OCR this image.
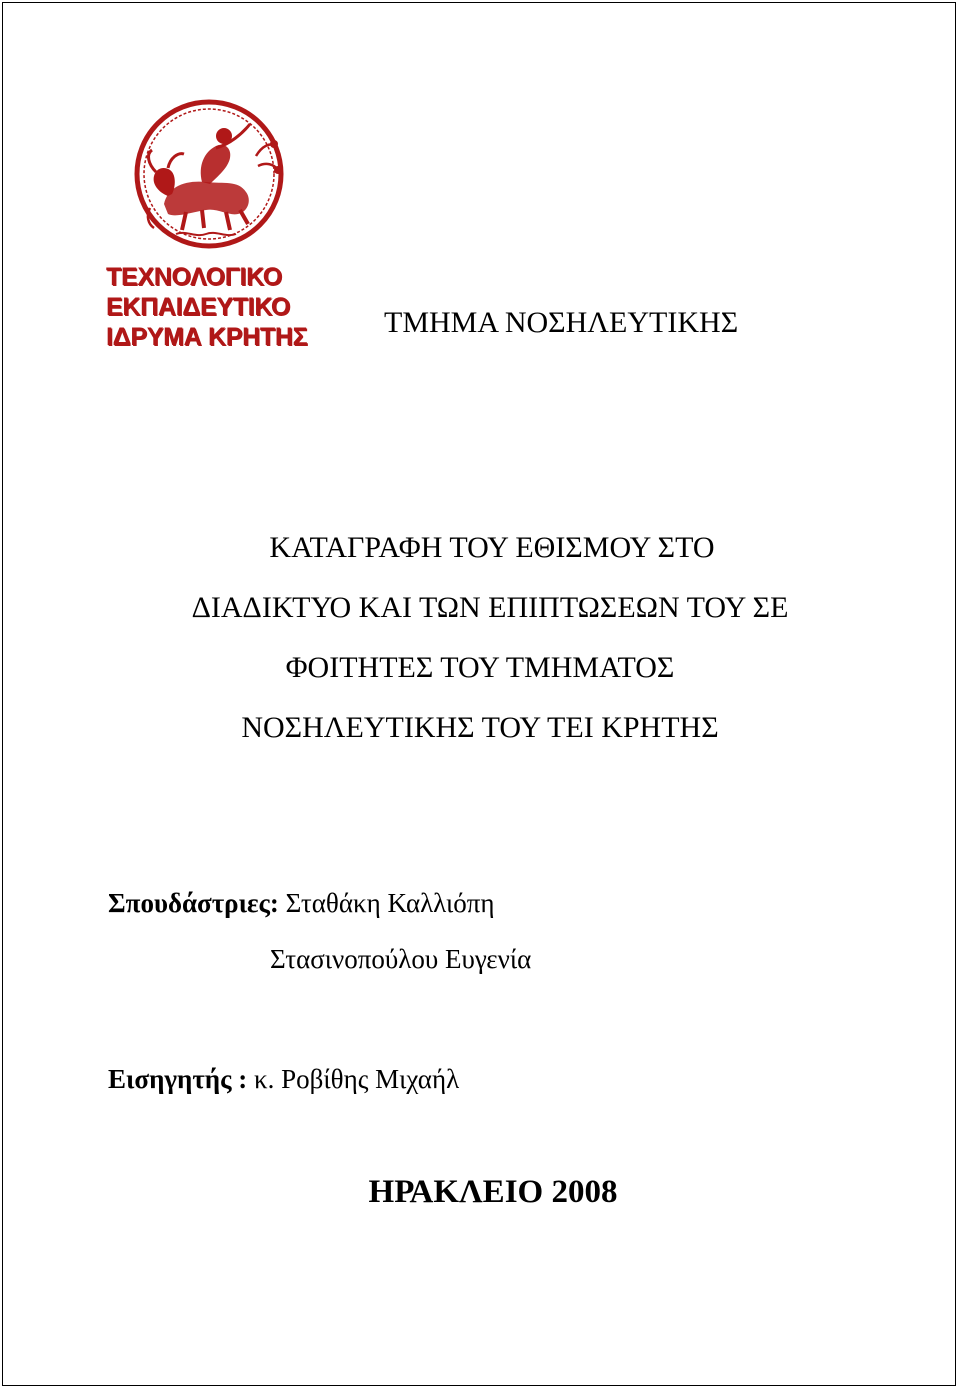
ΤΕΧΝΟΛΟΓΙΚΟ
ΕΚΠΑΙΔΕΥΤΙΚΟ
ΙΔΡΥΜΑ ΚΡΗΤΗΣ	ΤΜΗΜΑ ΝΟΣΗΛΕΥΤΙΚΗΣ
ΚΑΤΑΓΡΑΦΗ ΤΟΥ ΕΘΙΣΜΟΥ ΣΤΟ
ΔΙΑΔΙΚΤΥΟ ΚΑΙ ΤΩΝ ΕΠΙΠΤΩΣΕΩΝ ΤΟΥ ΣΕ
ΦΟΙΤΗΤΕΣ ΤΟΥ ΤΜΗΜΑΤΟΣ
ΝΟΣΗΛΕΥΤΙΚΗΣ ΤΟΥ ΤΕΙ ΚΡΗΤΗΣ
Σπουδάστριες: Σταθάκη Καλλιόπη
Στασινοπούλου Ευγενία
Εισηγητής : κ. Ροβίθης Μιχαήλ
ΗΡΑΚΛΕΙΟ 2008
